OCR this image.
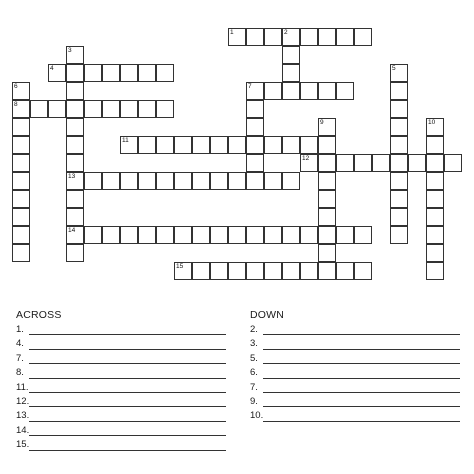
1	2
3
4	5
6	7
8
9	10
11
12
13
14
15
ACROSS
1.
4.
7.
8.
11.
12.
13.
14.
15.
DOWN
2.
3.
5.
6.
7.
9.
10.
